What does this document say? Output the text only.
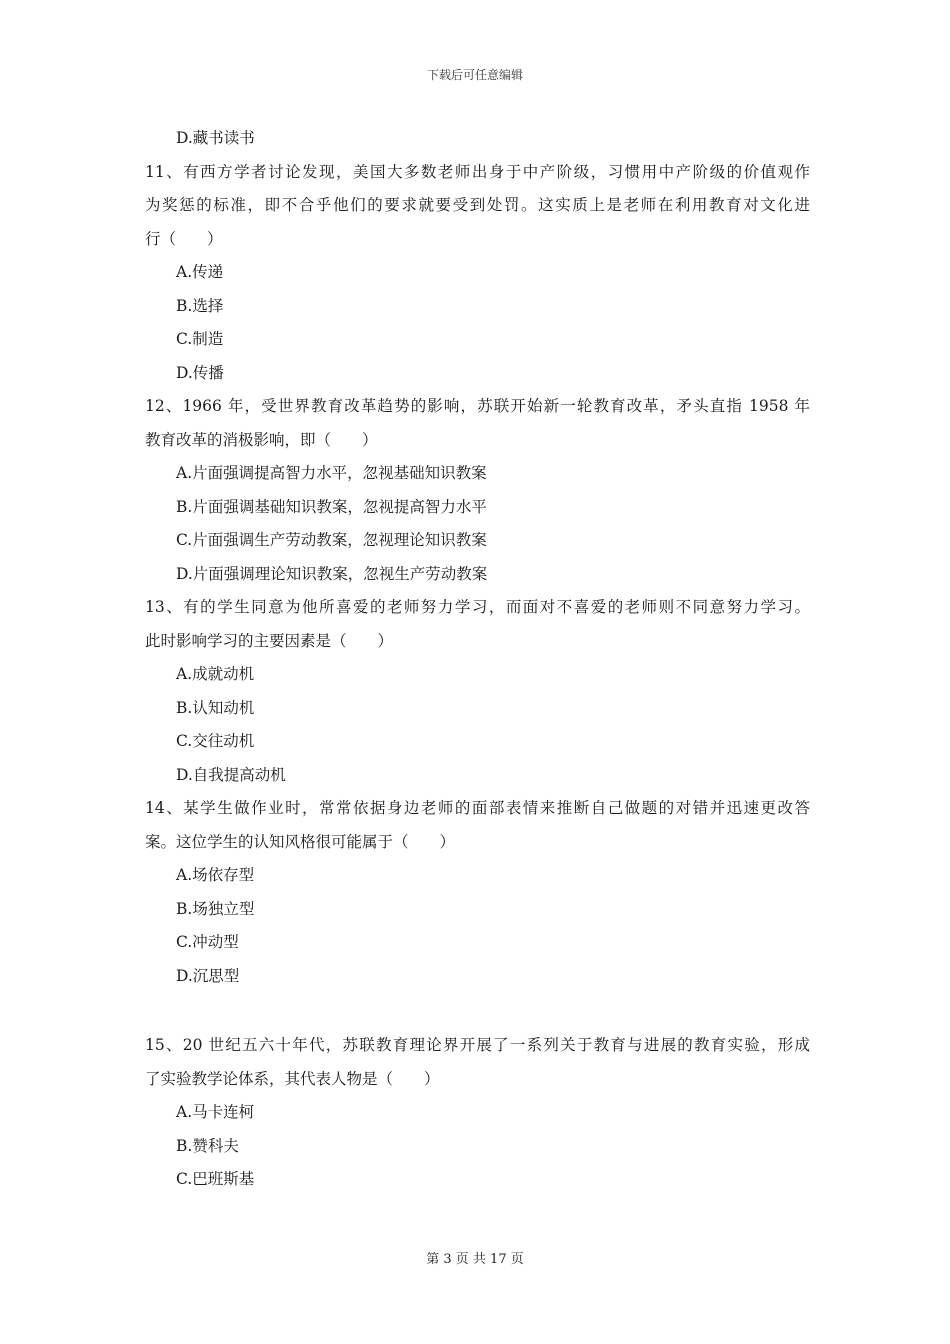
下载后可任意编辑
D.藏书读书
11、有西方学者讨论发现，美国大多数老师出身于中产阶级，习惯用中产阶级的价值观作
为奖惩的标准，即不合乎他们的要求就要受到处罚。这实质上是老师在利用教育对文化进
行（　　）
A.传递
B.选择
C.制造
D.传播
12、1966 年，受世界教育改革趋势的影响，苏联开始新一轮教育改革，矛头直指 1958 年
教育改革的消极影响，即（　　）
A.片面强调提高智力水平，忽视基础知识教案
B.片面强调基础知识教案，忽视提高智力水平
C.片面强调生产劳动教案，忽视理论知识教案
D.片面强调理论知识教案，忽视生产劳动教案
13、有的学生同意为他所喜爱的老师努力学习，而面对不喜爱的老师则不同意努力学习。
此时影响学习的主要因素是（　　）
A.成就动机
B.认知动机
C.交往动机
D.自我提高动机
14、某学生做作业时，常常依据身边老师的面部表情来推断自己做题的对错并迅速更改答
案。这位学生的认知风格很可能属于（　　）
A.场依存型
B.场独立型
C.冲动型
D.沉思型
15、20 世纪五六十年代，苏联教育理论界开展了一系列关于教育与进展的教育实验，形成
了实验教学论体系，其代表人物是（　　）
A.马卡连柯
B.赞科夫
C.巴班斯基
第 3 页 共 17 页
